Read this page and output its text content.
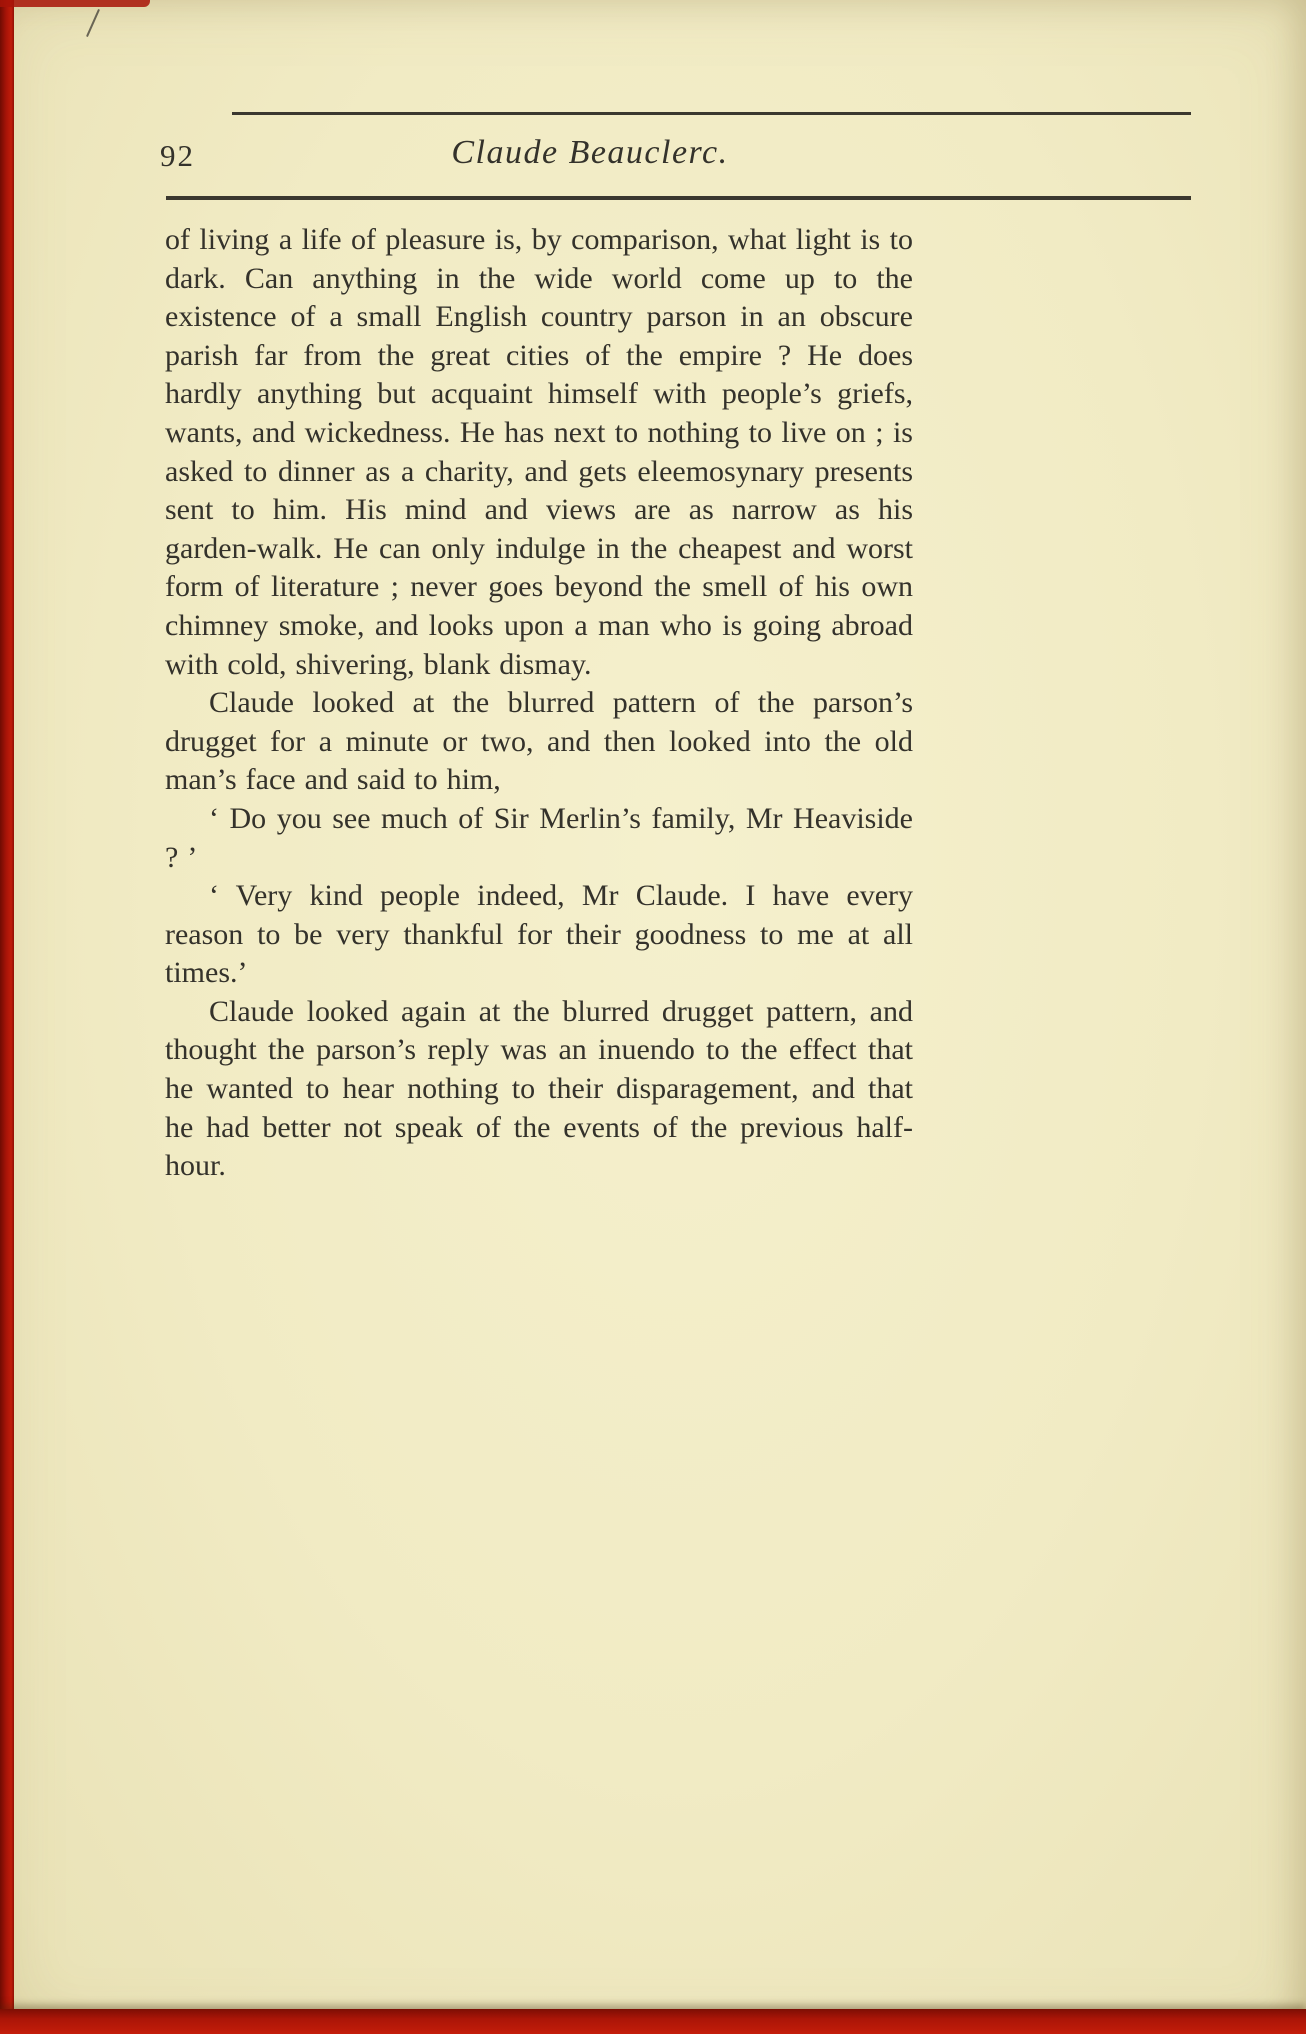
92	Claude Beauclerc.

of living a life of pleasure is, by comparison, what light is to dark. Can anything in the wide world come up to the existence of a small English country parson in an obscure parish far from the great cities of the empire ? He does hardly anything but acquaint himself with people’s griefs, wants, and wickedness. He has next to nothing to live on ; is asked to dinner as a charity, and gets eleemosynary presents sent to him. His mind and views are as narrow as his garden-walk. He can only indulge in the cheapest and worst form of literature ; never goes beyond the smell of his own chimney smoke, and looks upon a man who is going abroad with cold, shivering, blank dismay.

Claude looked at the blurred pattern of the parson’s drugget for a minute or two, and then looked into the old man’s face and said to him,

‘ Do you see much of Sir Merlin’s family, Mr Heaviside ? ’

‘ Very kind people indeed, Mr Claude. I have every reason to be very thankful for their goodness to me at all times.’

Claude looked again at the blurred drugget pattern, and thought the parson’s reply was an inuendo to the effect that he wanted to hear nothing to their disparagement, and that he had better not speak of the events of the previous half-hour.
